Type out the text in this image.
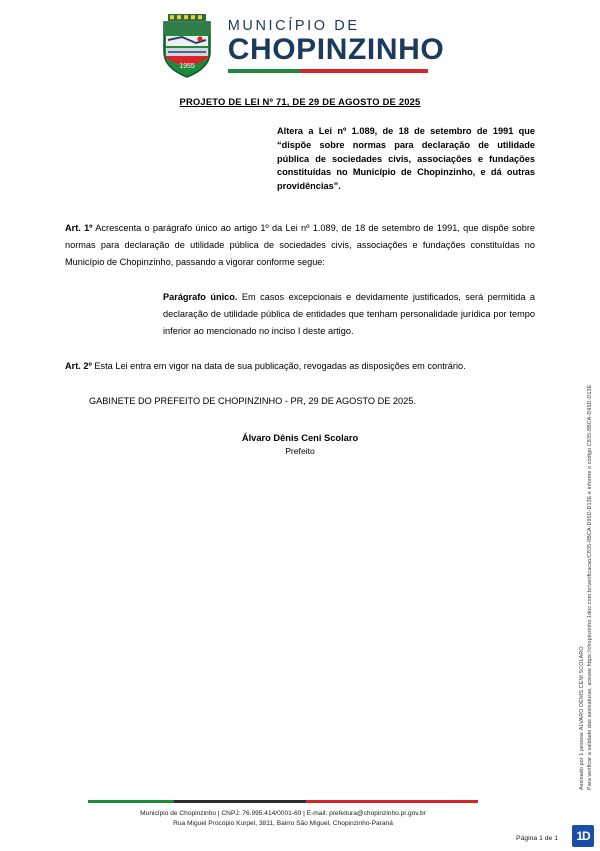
1955
MUNICÍPIO DE
CHOPINZINHO
PROJETO DE LEI Nº 71, DE 29 DE AGOSTO DE 2025
Altera a Lei nº 1.089, de 18 de setembro de 1991 que “dispõe sobre normas para declaração de utilidade pública de sociedades civis, associações e fundações constituídas no Município de Chopinzinho, e dá outras providências”.

Art. 1º Acrescenta o parágrafo único ao artigo 1º da Lei nº 1.089, de 18 de setembro de 1991, que dispõe sobre normas para declaração de utilidade pública de sociedades civis, associações e fundações constituídas no Município de Chopinzinho, passando a vigorar conforme segue:

Parágrafo único. Em casos excepcionais e devidamente justificados, será permitida a declaração de utilidade pública de entidades que tenham personalidade jurídica por tempo inferior ao mencionado no inciso I deste artigo.

Art. 2º Esta Lei entra em vigor na data de sua publicação, revogadas as disposições em contrário.

GABINETE DO PREFEITO DE CHOPINZINHO - PR, 29 DE AGOSTO DE 2025.

Álvaro Dênis Ceni Scolaro
Prefeito
Assinado por 1 pessoa: ALVARO DÊNIS CENI SCOLARO Para verificar a validade das assinaturas, acesse https://chopinzinho.1doc.com.br/verificacao/C835-8BCA-D95D-D13E e informe o código C835-8BCA-D95D-D13E
Município de Chopinzinho | CNPJ: 76.995.414/0001-60 | E-mail: prefeitura@chopinzinho.pr.gov.br
Rua Miguel Procópio Kurpel, 3811, Bairro São Miguel, Chopinzinho-Paraná
Página 1 de 1	1D
